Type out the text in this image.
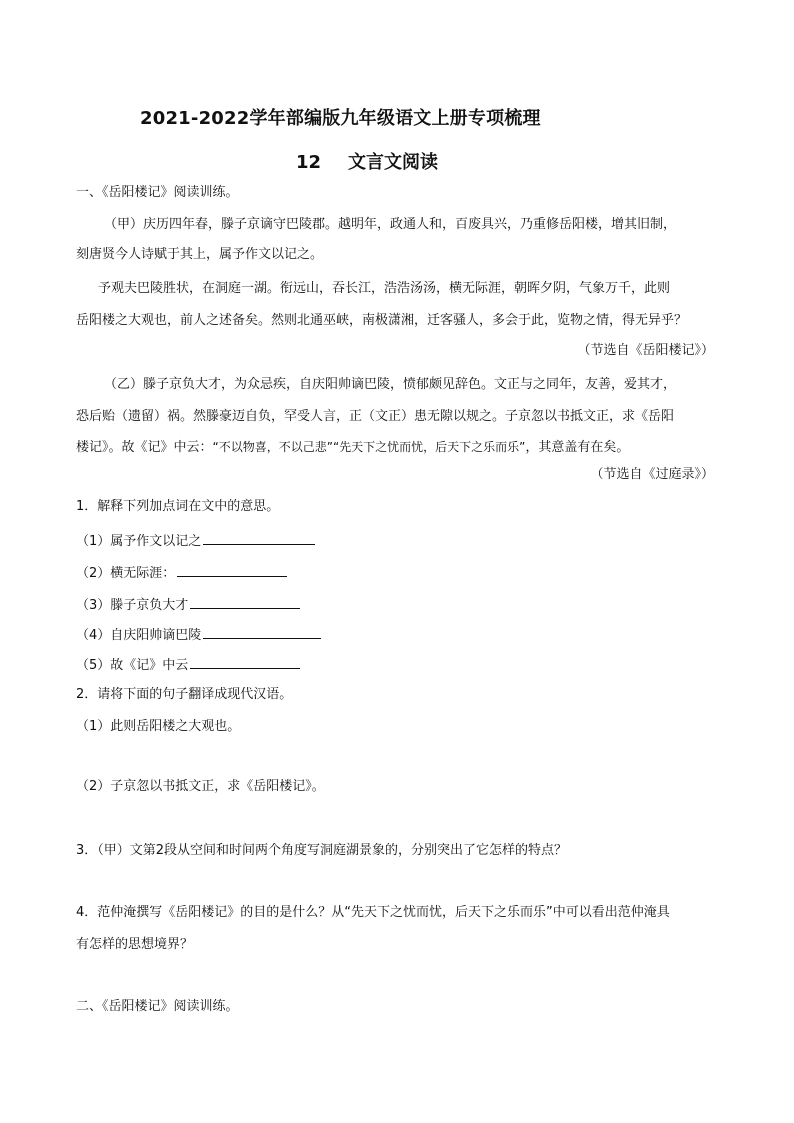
2021-2022学年部编版九年级语文上册专项梳理
12 文言文阅读
一、《岳阳楼记》阅读训练。
（甲）庆历四年春，滕子京谪守巴陵郡。越明年，政通人和，百废具兴，乃重修岳阳楼，增其旧制，
刻唐贤今人诗赋于其上，属予作文以记之。
予观夫巴陵胜状，在洞庭一湖。衔远山，吞长江，浩浩汤汤，横无际涯，朝晖夕阴，气象万千，此则
岳阳楼之大观也，前人之述备矣。然则北通巫峡，南极潇湘，迁客骚人，多会于此，览物之情，得无异乎？
（节选自《岳阳楼记》）
（乙）滕子京负大才，为众忌疾，自庆阳帅谪巴陵，愤郁颇见辞色。文正与之同年，友善，爱其才，
恐后贻（遗留）祸。然滕豪迈自负，罕受人言，正（文正）患无隙以规之。子京忽以书抵文正，求《岳阳
楼记》。故《记》中云：“不以物喜，不以己悲”“先天下之忧而忧，后天下之乐而乐”，其意盖有在矣。
（节选自《过庭录》）
1．解释下列加点词在文中的意思。
（1）属予作文以记之
（2）横无际涯：
（3）滕子京负大才
（4）自庆阳帅谪巴陵
（5）故《记》中云
2．请将下面的句子翻译成现代汉语。
（1）此则岳阳楼之大观也。
（2）子京忽以书抵文正，求《岳阳楼记》。
3．（甲）文第2段从空间和时间两个角度写洞庭湖景象的，分别突出了它怎样的特点？
4．范仲淹撰写《岳阳楼记》的目的是什么？从“先天下之忧而忧，后天下之乐而乐”中可以看出范仲淹具
有怎样的思想境界？
二、《岳阳楼记》阅读训练。
